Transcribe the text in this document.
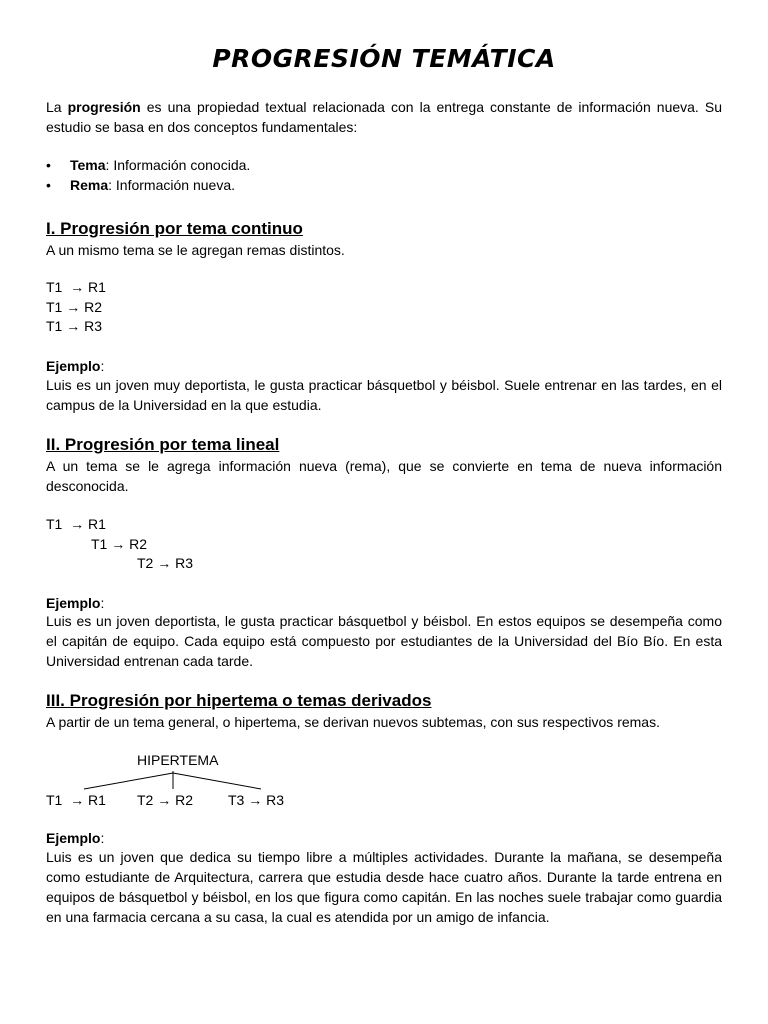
PROGRESIÓN TEMÁTICA

La progresión es una propiedad textual relacionada con la entrega constante de información nueva. Su estudio se basa en dos conceptos fundamentales:

• Tema: Información conocida.
• Rema: Información nueva.
I. Progresión por tema continuo

A un mismo tema se le agregan remas distintos.

T1  → R1
T1 → R2
T1 → R3
Ejemplo:

Luis es un joven muy deportista, le gusta practicar básquetbol y béisbol. Suele entrenar en las tardes, en el campus de la Universidad en la que estudia.

II. Progresión por tema lineal

A un tema se le agrega información nueva (rema), que se convierte en tema de nueva información desconocida.

T1  → R1
T1 → R2
T2 → R3
Ejemplo:

Luis es un joven deportista, le gusta practicar básquetbol y béisbol. En estos equipos se desempeña como el capitán de equipo. Cada equipo está compuesto por estudiantes de la Universidad del Bío Bío. En esta Universidad entrenan cada tarde.

III. Progresión por hipertema o temas derivados

A partir de un tema general, o hipertema, se derivan nuevos subtemas, con sus respectivos remas.

HIPERTEMA
T1  → R1 T2 → R2 T3 → R3
Ejemplo:

Luis es un joven que dedica su tiempo libre a múltiples actividades. Durante la mañana, se desempeña como estudiante de Arquitectura, carrera que estudia desde hace cuatro años. Durante la tarde entrena en equipos de básquetbol y béisbol, en los que figura como capitán. En las noches suele trabajar como guardia en una farmacia cercana a su casa, la cual es atendida por un amigo de infancia.
